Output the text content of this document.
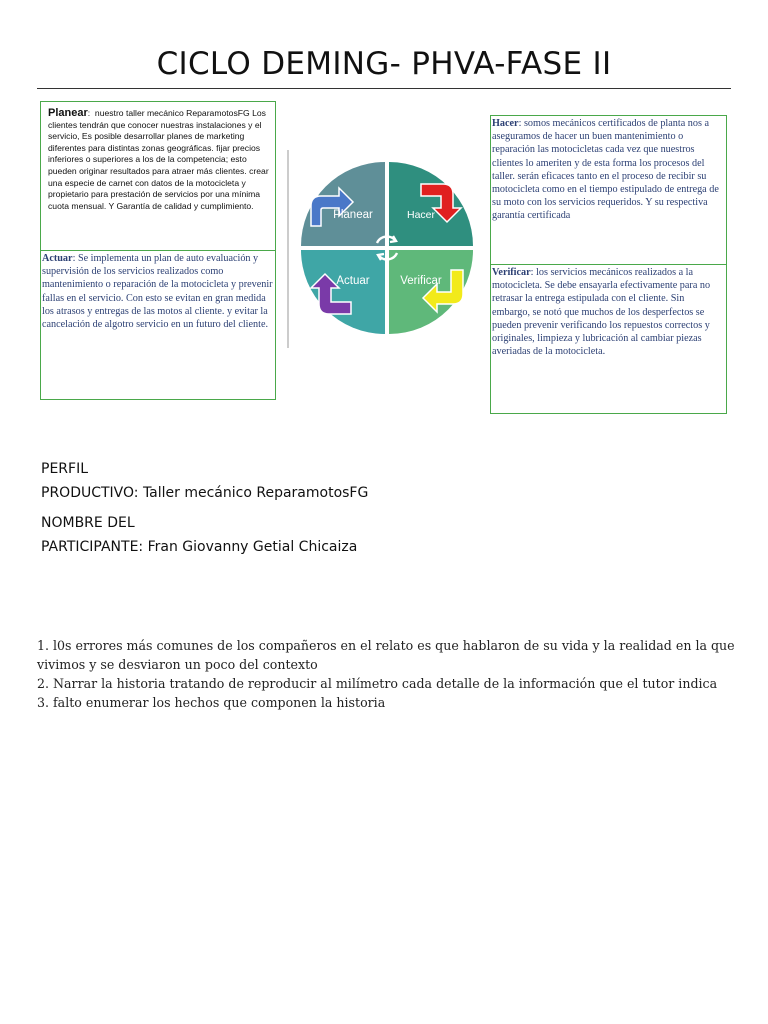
CICLO DEMING- PHVA-FASE II
Planear:  nuestro taller mecánico ReparamotosFG Los clientes tendrán que conocer nuestras instalaciones y el servicio, Es posible desarrollar planes de marketing diferentes para distintas zonas geográficas. fijar precios inferiores o superiores a los de la competencia; esto pueden originar resultados para atraer más clientes. crear una especie de carnet con datos de la motocicleta y propietario para prestación de servicios por una mínima cuota mensual. Y Garantía de calidad y cumplimiento.
Actuar: Se implementa un plan de auto evaluación y supervisión de los servicios realizados como mantenimiento o reparación de la motocicleta y prevenir fallas en el servicio. Con esto se evitan en gran medida los atrasos y entregas de las motos al cliente. y evitar la cancelación de algotro servicio en un futuro del cliente.
Hacer: somos mecánicos certificados de planta nos a aseguramos de hacer un buen mantenimiento o reparación las motocicletas cada vez que nuestros clientes lo ameriten y de esta forma los procesos del taller. serán eficaces tanto en el proceso de recibir su motocicleta como en el tiempo estipulado de entrega de su moto con los servicios requeridos. Y su respectiva garantía certificada
Verificar: los servicios mecánicos realizados a la motocicleta. Se debe ensayarla efectivamente para no retrasar la entrega estipulada con el cliente. Sin embargo, se notó que muchos de los desperfectos se pueden prevenir verificando los repuestos correctos y originales, limpieza y lubricación al cambiar piezas averiadas de la motocicleta.
Planear	Hacer
Actuar	Verificar
PERFIL
PRODUCTIVO: Taller mecánico ReparamotosFG
NOMBRE DEL
PARTICIPANTE: Fran Giovanny Getial Chicaiza
1. l0s errores más comunes de los compañeros en el relato es que hablaron de su vida y la realidad en la que vivimos y se desviaron un poco del contexto
2. Narrar la historia tratando de reproducir al milímetro cada detalle de la información que el tutor indica
3. falto enumerar los hechos que componen la historia
